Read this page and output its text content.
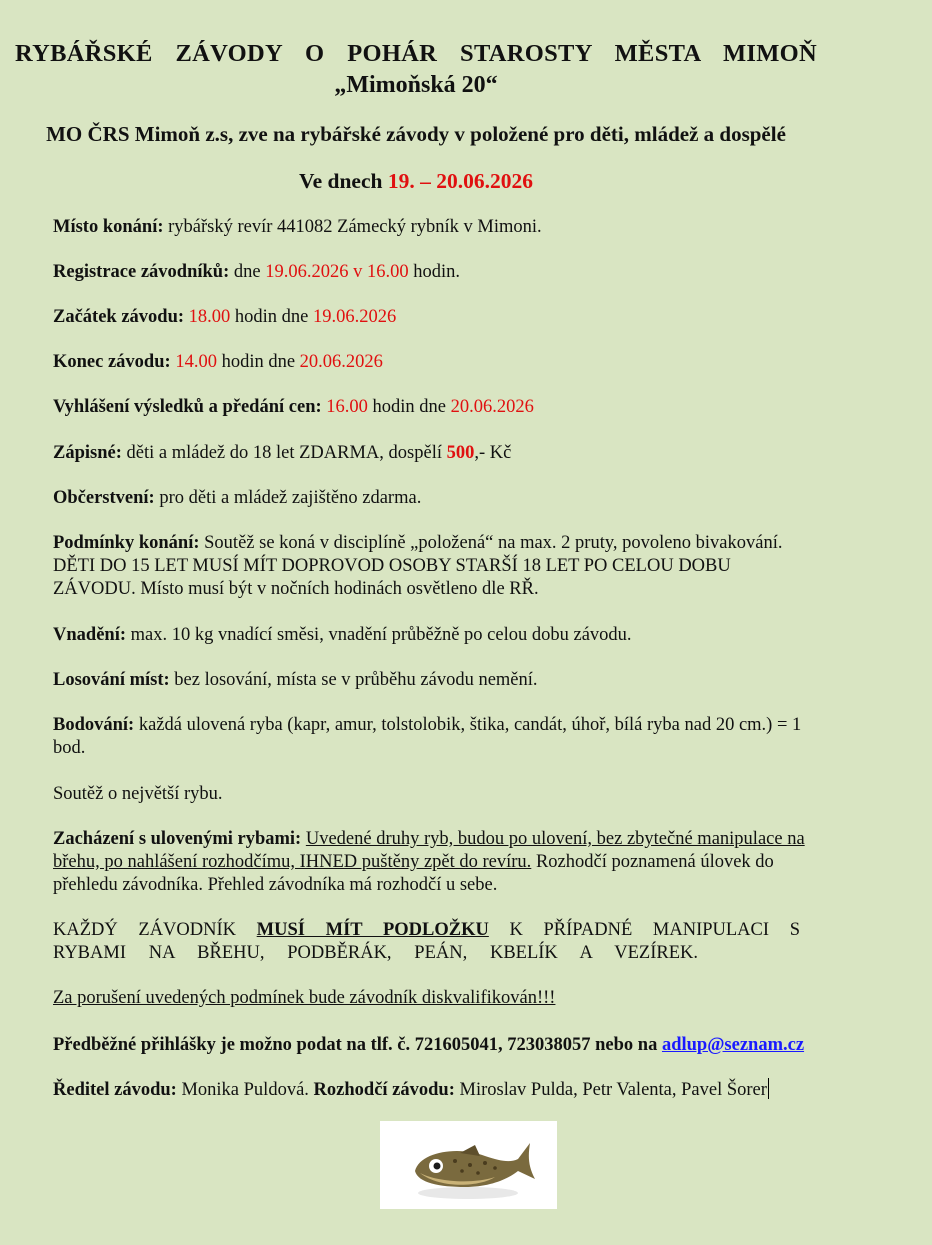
RYBÁŘSKÉ ZÁVODY O POHÁR STAROSTY MĚSTA MIMOŇ
„Mimoňská 20“
MO ČRS Mimoň z.s, zve na rybářské závody v položené pro děti, mládež a dospělé
Ve dnech 19. – 20.06.2026
Místo konání: rybářský revír 441082 Zámecký rybník v Mimoni.
Registrace závodníků: dne 19.06.2026 v 16.00 hodin.
Začátek závodu: 18.00 hodin dne 19.06.2026
Konec závodu: 14.00 hodin dne 20.06.2026
Vyhlášení výsledků a předání cen: 16.00 hodin dne 20.06.2026
Zápisné: děti a mládež do 18 let ZDARMA, dospělí 500,- Kč
Občerstvení: pro děti a mládež zajištěno zdarma.
Podmínky konání: Soutěž se koná v disciplíně „položená“ na max. 2 pruty, povoleno bivakování.
DĚTI DO 15 LET MUSÍ MÍT DOPROVOD OSOBY STARŠÍ 18 LET PO CELOU DOBU
ZÁVODU. Místo musí být v nočních hodinách osvětleno dle RŘ.
Vnadění: max. 10 kg vnadící směsi, vnadění průběžně po celou dobu závodu.
Losování míst: bez losování, místa se v průběhu závodu nemění.
Bodování: každá ulovená ryba (kapr, amur, tolstolobik, štika, candát, úhoř, bílá ryba nad 20 cm.) = 1
bod.
Soutěž o největší rybu.
Zacházení s ulovenými rybami: Uvedené druhy ryb, budou po ulovení, bez zbytečné manipulace na
břehu, po nahlášení rozhodčímu, IHNED puštěny zpět do revíru. Rozhodčí poznamená úlovek do
přehledu závodníka. Přehled závodníka má rozhodčí u sebe.
KAŽDÝ ZÁVODNÍK MUSÍ MÍT PODLOŽKU K PŘÍPADNÉ MANIPULACI S
RYBAMI NA BŘEHU, PODBĚRÁK, PEÁN, KBELÍK A VEZÍREK.
Za porušení uvedených podmínek bude závodník diskvalifikován!!!
Předběžné přihlášky je možno podat na tlf. č. 721605041, 723038057 nebo na adlup@seznam.cz
Ředitel závodu: Monika Puldová. Rozhodčí závodu: Miroslav Pulda, Petr Valenta, Pavel Šorer
